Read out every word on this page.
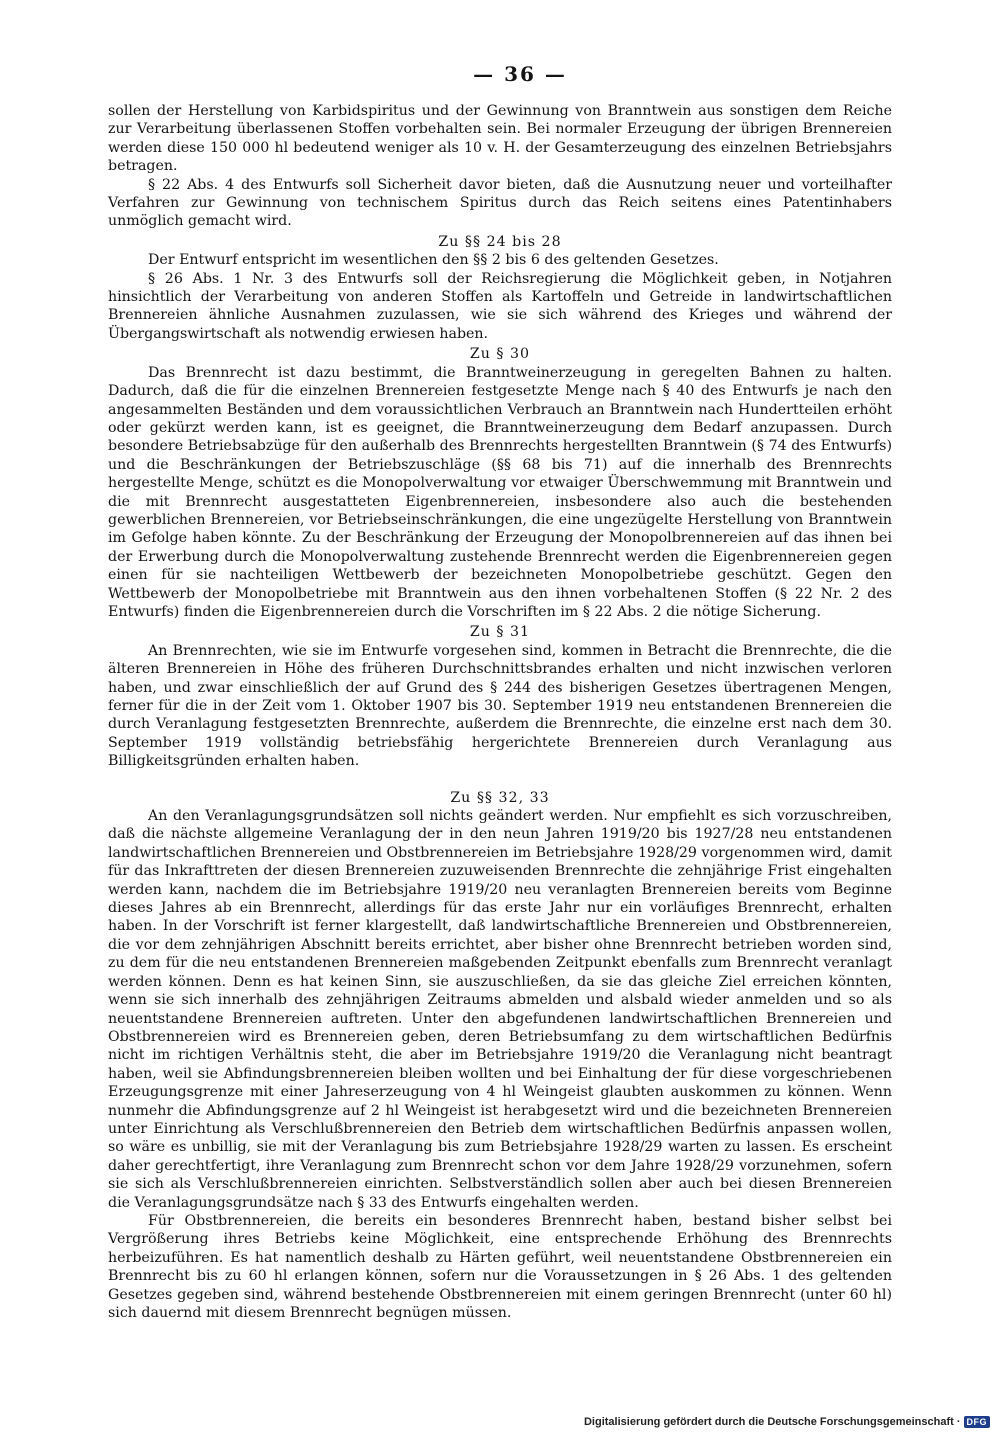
— 36 —

sollen der Herstellung von Karbidspiritus und der Gewinnung von Branntwein aus sonstigen dem Reiche zur Verarbeitung überlassenen Stoffen vorbehalten sein. Bei normaler Erzeugung der übrigen Brennereien werden diese 150 000 hl bedeutend weniger als 10 v. H. der Gesamterzeugung des einzelnen Betriebsjahrs betragen.

§ 22 Abs. 4 des Entwurfs soll Sicherheit davor bieten, daß die Ausnutzung neuer und vorteilhafter Verfahren zur Gewinnung von technischem Spiritus durch das Reich seitens eines Patentinhabers unmöglich gemacht wird.

Zu §§ 24 bis 28

Der Entwurf entspricht im wesentlichen den §§ 2 bis 6 des geltenden Gesetzes.

§ 26 Abs. 1 Nr. 3 des Entwurfs soll der Reichsregierung die Möglichkeit geben, in Notjahren hinsichtlich der Verarbeitung von anderen Stoffen als Kartoffeln und Getreide in landwirtschaftlichen Brennereien ähnliche Ausnahmen zuzulassen, wie sie sich während des Krieges und während der Übergangswirtschaft als notwendig erwiesen haben.

Zu § 30

Das Brennrecht ist dazu bestimmt, die Branntweinerzeugung in geregelten Bahnen zu halten. Dadurch, daß die für die einzelnen Brennereien festgesetzte Menge nach § 40 des Entwurfs je nach den angesammelten Beständen und dem voraussichtlichen Verbrauch an Branntwein nach Hundertteilen erhöht oder gekürzt werden kann, ist es geeignet, die Branntweinerzeugung dem Bedarf anzupassen. Durch besondere Betriebsabzüge für den außerhalb des Brennrechts hergestellten Branntwein (§ 74 des Entwurfs) und die Beschränkungen der Betriebszuschläge (§§ 68 bis 71) auf die innerhalb des Brennrechts hergestellte Menge, schützt es die Monopolverwaltung vor etwaiger Überschwemmung mit Branntwein und die mit Brennrecht ausgestatteten Eigenbrennereien, insbesondere also auch die bestehenden gewerblichen Brennereien, vor Betriebseinschränkungen, die eine ungezügelte Herstellung von Branntwein im Gefolge haben könnte. Zu der Beschränkung der Erzeugung der Monopolbrennereien auf das ihnen bei der Erwerbung durch die Monopolverwaltung zustehende Brennrecht werden die Eigenbrennereien gegen einen für sie nachteiligen Wettbewerb der bezeichneten Monopolbetriebe geschützt. Gegen den Wettbewerb der Monopolbetriebe mit Branntwein aus den ihnen vorbehaltenen Stoffen (§ 22 Nr. 2 des Entwurfs) finden die Eigenbrennereien durch die Vorschriften im § 22 Abs. 2 die nötige Sicherung.

Zu § 31

An Brennrechten, wie sie im Entwurfe vorgesehen sind, kommen in Betracht die Brennrechte, die die älteren Brennereien in Höhe des früheren Durchschnittsbrandes erhalten und nicht inzwischen verloren haben, und zwar einschließlich der auf Grund des § 244 des bisherigen Gesetzes übertragenen Mengen, ferner für die in der Zeit vom 1. Oktober 1907 bis 30. September 1919 neu entstandenen Brennereien die durch Veranlagung festgesetzten Brennrechte, außerdem die Brennrechte, die einzelne erst nach dem 30. September 1919 vollständig betriebsfähig hergerichtete Brennereien durch Veranlagung aus Billigkeitsgründen erhalten haben.

Zu §§ 32, 33

An den Veranlagungsgrundsätzen soll nichts geändert werden. Nur empfiehlt es sich vorzuschreiben, daß die nächste allgemeine Veranlagung der in den neun Jahren 1919/20 bis 1927/28 neu entstandenen landwirtschaftlichen Brennereien und Obstbrennereien im Betriebsjahre 1928/29 vorgenommen wird, damit für das Inkrafttreten der diesen Brennereien zuzuweisenden Brennrechte die zehnjährige Frist eingehalten werden kann, nachdem die im Betriebsjahre 1919/20 neu veranlagten Brennereien bereits vom Beginne dieses Jahres ab ein Brennrecht, allerdings für das erste Jahr nur ein vorläufiges Brennrecht, erhalten haben. In der Vorschrift ist ferner klargestellt, daß landwirtschaftliche Brennereien und Obstbrennereien, die vor dem zehnjährigen Abschnitt bereits errichtet, aber bisher ohne Brennrecht betrieben worden sind, zu dem für die neu entstandenen Brennereien maßgebenden Zeitpunkt ebenfalls zum Brennrecht veranlagt werden können. Denn es hat keinen Sinn, sie auszuschließen, da sie das gleiche Ziel erreichen könnten, wenn sie sich innerhalb des zehnjährigen Zeitraums abmelden und alsbald wieder anmelden und so als neuentstandene Brennereien auftreten. Unter den abgefundenen landwirtschaftlichen Brennereien und Obstbrennereien wird es Brennereien geben, deren Betriebsumfang zu dem wirtschaftlichen Bedürfnis nicht im richtigen Verhältnis steht, die aber im Betriebsjahre 1919/20 die Veranlagung nicht beantragt haben, weil sie Abfindungsbrennereien bleiben wollten und bei Einhaltung der für diese vorgeschriebenen Erzeugungsgrenze mit einer Jahreserzeugung von 4 hl Weingeist glaubten auskommen zu können. Wenn nunmehr die Abfindungsgrenze auf 2 hl Weingeist ist herabgesetzt wird und die bezeichneten Brennereien unter Einrichtung als Verschlußbrennereien den Betrieb dem wirtschaftlichen Bedürfnis anpassen wollen, so wäre es unbillig, sie mit der Veranlagung bis zum Betriebsjahre 1928/29 warten zu lassen. Es erscheint daher gerechtfertigt, ihre Veranlagung zum Brennrecht schon vor dem Jahre 1928/29 vorzunehmen, sofern sie sich als Verschlußbrennereien einrichten. Selbstverständlich sollen aber auch bei diesen Brennereien die Veranlagungsgrundsätze nach § 33 des Entwurfs eingehalten werden.

Für Obstbrennereien, die bereits ein besonderes Brennrecht haben, bestand bisher selbst bei Vergrößerung ihres Betriebs keine Möglichkeit, eine entsprechende Erhöhung des Brennrechts herbeizuführen. Es hat namentlich deshalb zu Härten geführt, weil neuentstandene Obstbrennereien ein Brennrecht bis zu 60 hl erlangen können, sofern nur die Voraussetzungen in § 26 Abs. 1 des geltenden Gesetzes gegeben sind, während bestehende Obstbrennereien mit einem geringen Brennrecht (unter 60 hl) sich dauernd mit diesem Brennrecht begnügen müssen.

Digitalisierung gefördert durch die Deutsche Forschungsgemeinschaft · DFG
